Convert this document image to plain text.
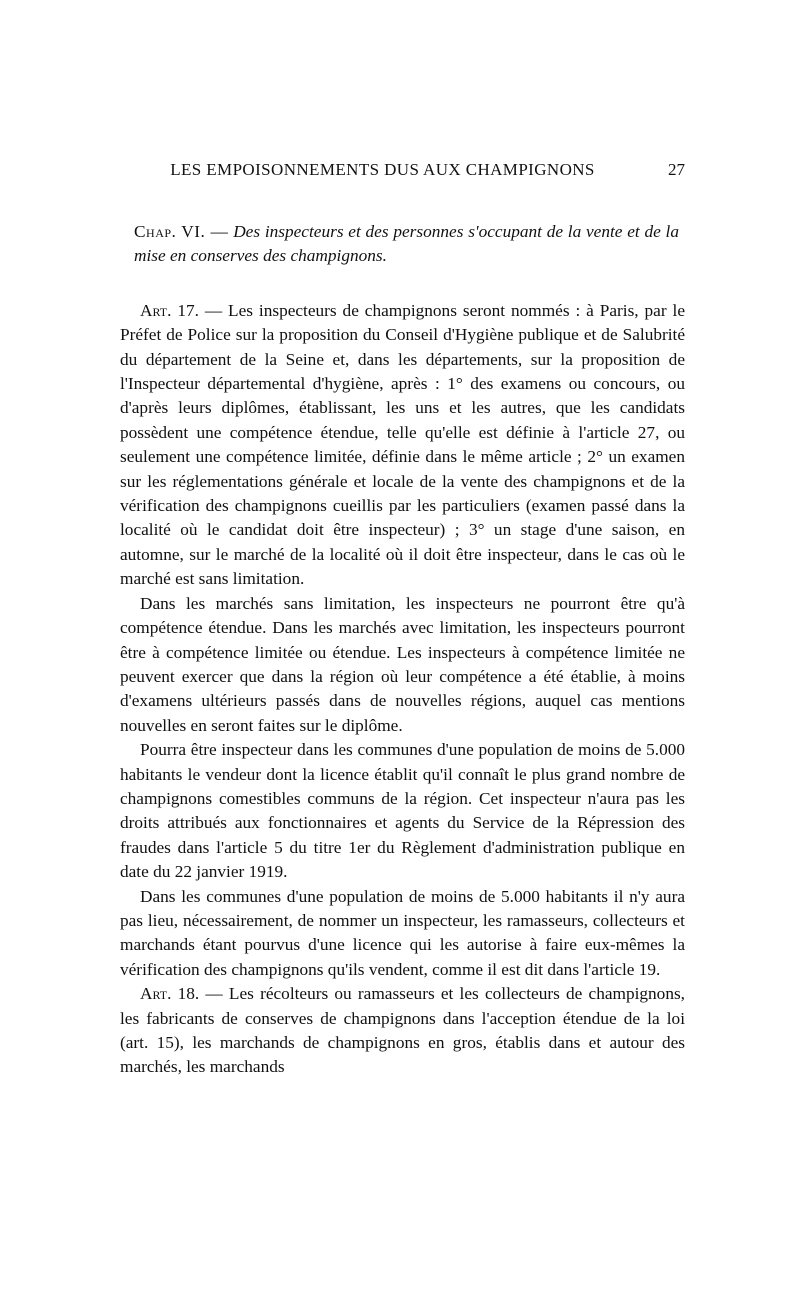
LES EMPOISONNEMENTS DUS AUX CHAMPIGNONS	27
Chap. VI. — Des inspecteurs et des personnes s'occupant de la vente et de la mise en conserves des champignons.

Art. 17. — Les inspecteurs de champignons seront nommés : à Paris, par le Préfet de Police sur la proposition du Conseil d'Hygiène publique et de Salubrité du département de la Seine et, dans les départements, sur la proposition de l'Inspecteur départemental d'hygiène, après : 1° des examens ou concours, ou d'après leurs diplômes, établissant, les uns et les autres, que les candidats possèdent une compétence étendue, telle qu'elle est définie à l'article 27, ou seulement une compétence limitée, définie dans le même article ; 2° un examen sur les réglementations générale et locale de la vente des champignons et de la vérification des champignons cueillis par les particuliers (examen passé dans la localité où le candidat doit être inspecteur) ; 3° un stage d'une saison, en automne, sur le marché de la localité où il doit être inspecteur, dans le cas où le marché est sans limitation.

Dans les marchés sans limitation, les inspecteurs ne pourront être qu'à compétence étendue. Dans les marchés avec limitation, les inspecteurs pourront être à compétence limitée ou étendue. Les inspecteurs à compétence limitée ne peuvent exercer que dans la région où leur compétence a été établie, à moins d'examens ultérieurs passés dans de nouvelles régions, auquel cas mentions nouvelles en seront faites sur le diplôme.

Pourra être inspecteur dans les communes d'une population de moins de 5.000 habitants le vendeur dont la licence établit qu'il connaît le plus grand nombre de champignons comestibles communs de la région. Cet inspecteur n'aura pas les droits attribués aux fonctionnaires et agents du Service de la Répression des fraudes dans l'article 5 du titre 1er du Règlement d'administration publique en date du 22 janvier 1919.

Dans les communes d'une population de moins de 5.000 habitants il n'y aura pas lieu, nécessairement, de nommer un inspecteur, les ramasseurs, collecteurs et marchands étant pourvus d'une licence qui les autorise à faire eux-mêmes la vérification des champignons qu'ils vendent, comme il est dit dans l'article 19.

Art. 18. — Les récolteurs ou ramasseurs et les collecteurs de champignons, les fabricants de conserves de champignons dans l'acception étendue de la loi (art. 15), les marchands de champignons en gros, établis dans et autour des marchés, les marchands
